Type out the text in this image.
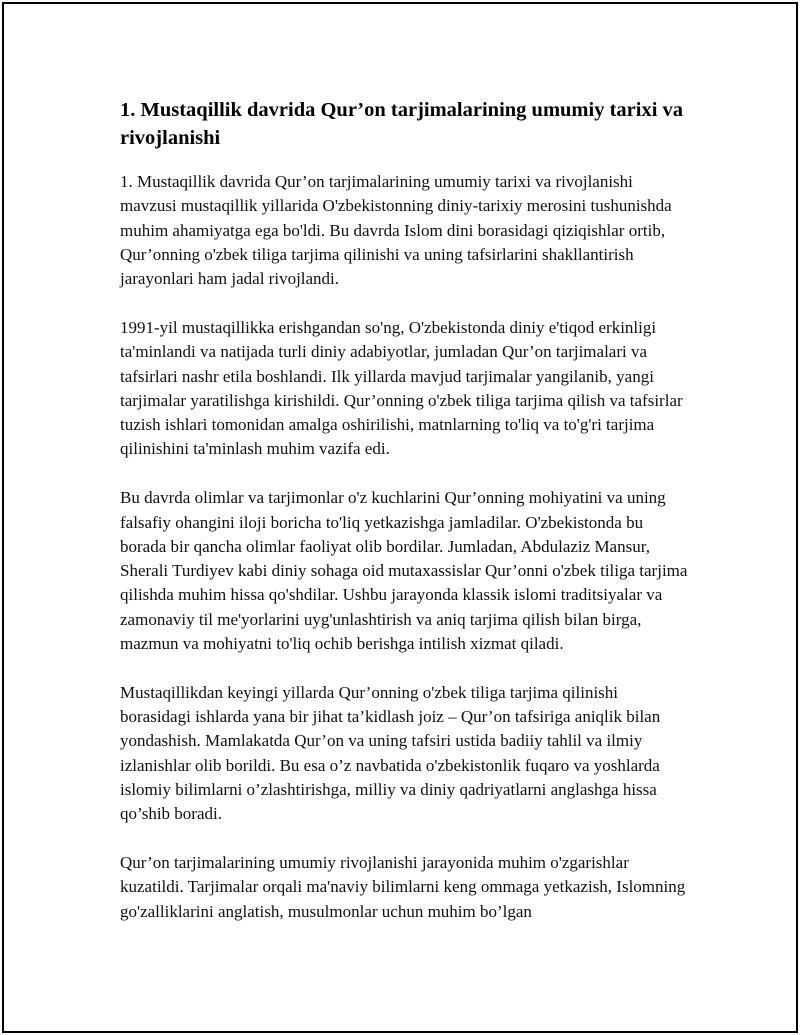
1. Mustaqillik davrida Qur’on tarjimalarining umumiy tarixi va rivojlanishi

1. Mustaqillik davrida Qur’on tarjimalarining umumiy tarixi va rivojlanishi mavzusi mustaqillik yillarida O'zbekistonning diniy-tarixiy merosini tushunishda muhim ahamiyatga ega bo'ldi. Bu davrda Islom dini borasidagi qiziqishlar ortib, Qur’onning o'zbek tiliga tarjima qilinishi va uning tafsirlarini shakllantirish jarayonlari ham jadal rivojlandi.

1991-yil mustaqillikka erishgandan so'ng, O'zbekistonda diniy e'tiqod erkinligi ta'minlandi va natijada turli diniy adabiyotlar, jumladan Qur’on tarjimalari va tafsirlari nashr etila boshlandi. Ilk yillarda mavjud tarjimalar yangilanib, yangi tarjimalar yaratilishga kirishildi. Qur’onning o'zbek tiliga tarjima qilish va tafsirlar tuzish ishlari tomonidan amalga oshirilishi, matnlarning to'liq va to'g'ri tarjima qilinishini ta'minlash muhim vazifa edi.

Bu davrda olimlar va tarjimonlar o'z kuchlarini Qur’onning mohiyatini va uning falsafiy ohangini iloji boricha to'liq yetkazishga jamladilar. O'zbekistonda bu borada bir qancha olimlar faoliyat olib bordilar. Jumladan, Abdulaziz Mansur, Sherali Turdiyev kabi diniy sohaga oid mutaxassislar Qur’onni o'zbek tiliga tarjima qilishda muhim hissa qo'shdilar. Ushbu jarayonda klassik islomi traditsiyalar va zamonaviy til me'yorlarini uyg'unlashtirish va aniq tarjima qilish bilan birga, mazmun va mohiyatni to'liq ochib berishga intilish xizmat qiladi.

Mustaqillikdan keyingi yillarda Qur’onning o'zbek tiliga tarjima qilinishi borasidagi ishlarda yana bir jihat ta’kidlash joiz – Qur’on tafsiriga aniqlik bilan yondashish. Mamlakatda Qur’on va uning tafsiri ustida badiiy tahlil va ilmiy izlanishlar olib borildi. Bu esa o’z navbatida o'zbekistonlik fuqaro va yoshlarda islomiy bilimlarni o’zlashtirishga, milliy va diniy qadriyatlarni anglashga hissa qo’shib boradi.

Qur’on tarjimalarining umumiy rivojlanishi jarayonida muhim o'zgarishlar kuzatildi. Tarjimalar orqali ma'naviy bilimlarni keng ommaga yetkazish, Islomning go'zalliklarini anglatish, musulmonlar uchun muhim bo’lgan
